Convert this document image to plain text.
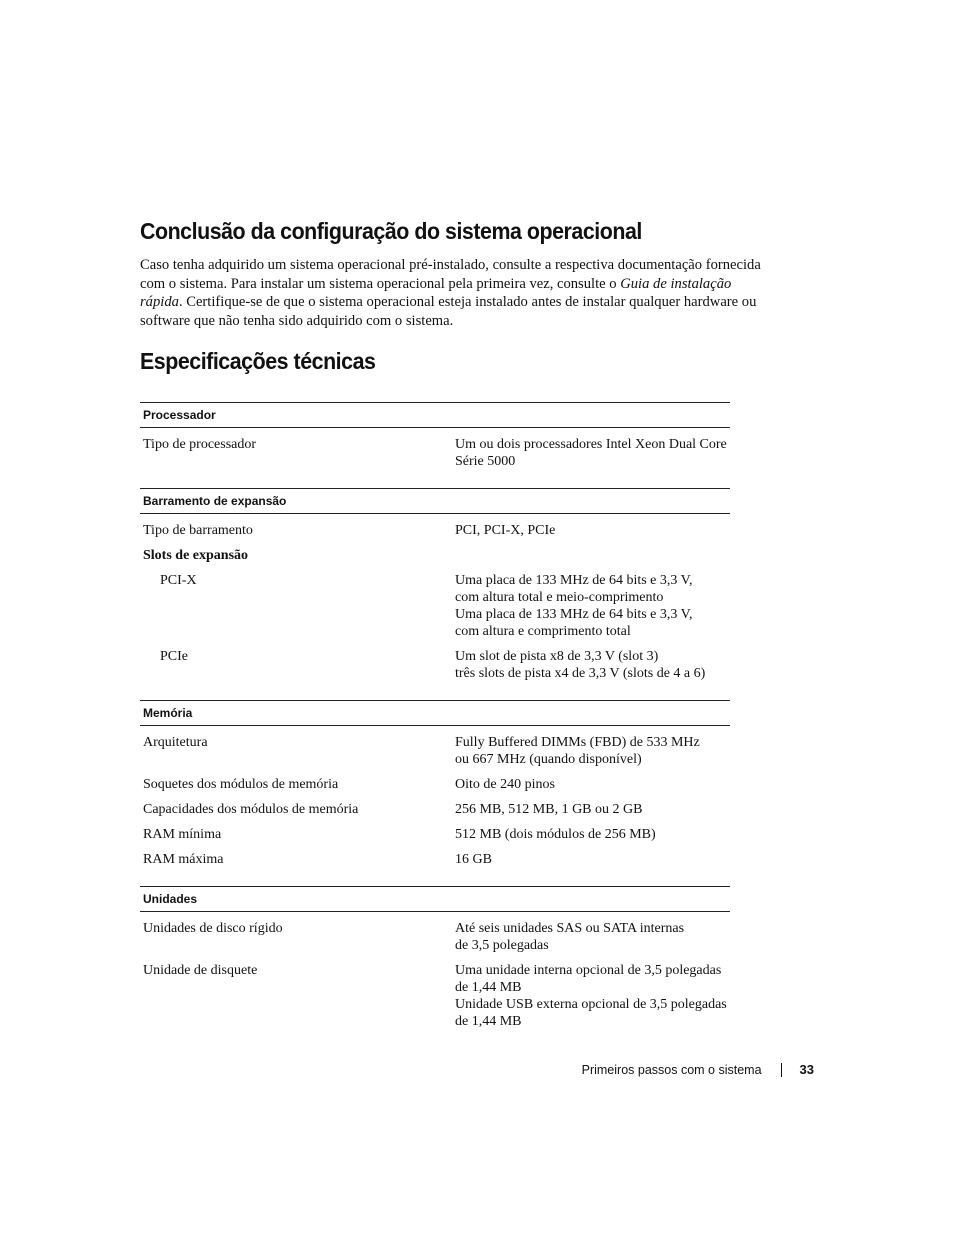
Conclusão da configuração do sistema operacional

Caso tenha adquirido um sistema operacional pré-instalado, consulte a respectiva documentação fornecida com o sistema. Para instalar um sistema operacional pela primeira vez, consulte o Guia de instalação rápida. Certifique-se de que o sistema operacional esteja instalado antes de instalar qualquer hardware ou software que não tenha sido adquirido com o sistema.

Especificações técnicas
Processador	
Tipo de processador	Um ou dois processadores Intel Xeon Dual Core
Série 5000
Barramento de expansão	
Tipo de barramento	PCI, PCI-X, PCIe
Slots de expansão	
PCI-X	Uma placa de 133 MHz de 64 bits e 3,3 V,
com altura total e meio-comprimento
Uma placa de 133 MHz de 64 bits e 3,3 V,
com altura e comprimento total
PCIe	Um slot de pista x8 de 3,3 V (slot 3)
três slots de pista x4 de 3,3 V (slots de 4 a 6)
Memória	
Arquitetura	Fully Buffered DIMMs (FBD) de 533 MHz
ou 667 MHz (quando disponível)
Soquetes dos módulos de memória	Oito de 240 pinos
Capacidades dos módulos de memória	256 MB, 512 MB, 1 GB ou 2 GB
RAM mínima	512 MB (dois módulos de 256 MB)
RAM máxima	16 GB
Unidades	
Unidades de disco rígido	Até seis unidades SAS ou SATA internas
de 3,5 polegadas
Unidade de disquete	Uma unidade interna opcional de 3,5 polegadas
de 1,44 MB
Unidade USB externa opcional de 3,5 polegadas
de 1,44 MB
Primeiros passos com o sistema	33
